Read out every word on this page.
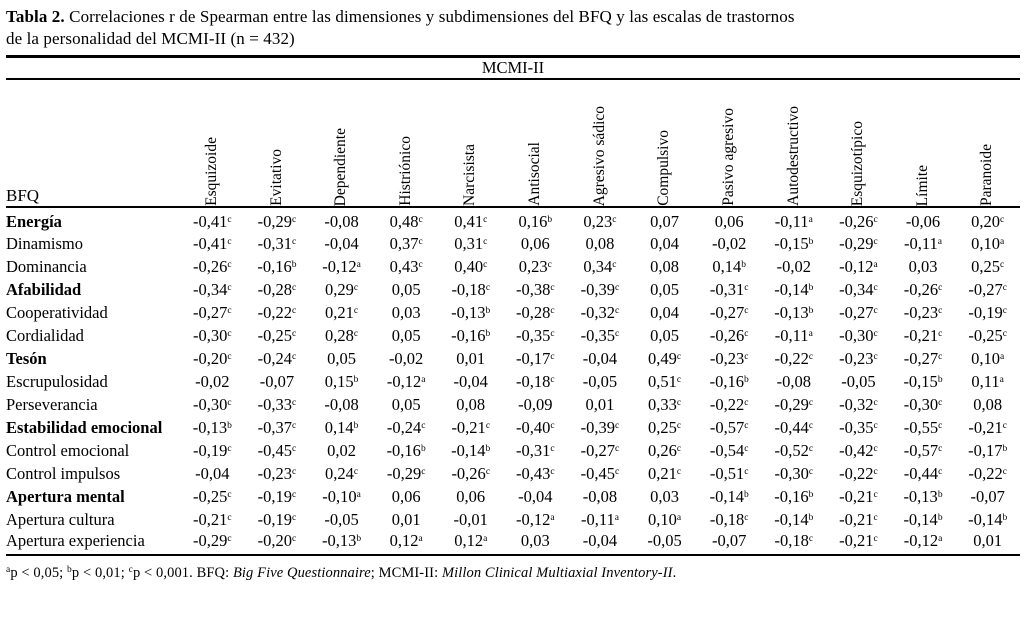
Tabla 2. Correlaciones r de Spearman entre las dimensiones y subdimensiones del BFQ y las escalas de trastornos
de la personalidad del MCMI-II (n = 432)
MCMI-II													
BFQ	Esquizoide	Evitativo	Dependiente	Histriónico	Narcisista	Antisocial	Agresivo sádico	Compulsivo	Pasivo agresivo	Autodestructivo	Esquizotípico	Límite	Paranoide

Energía	-0,41$^c$	-0,29$^c$	-0,08	0,48$^c$	0,41$^c$	0,16$^b$	0,23$^c$	0,07	0,06	-0,11$^a$	-0,26$^c$	-0,06	0,20$^c$
Dinamismo	-0,41$^c$	-0,31$^c$	-0,04	0,37$^c$	0,31$^c$	0,06	0,08	0,04	-0,02	-0,15$^b$	-0,29$^c$	-0,11$^a$	0,10$^a$
Dominancia	-0,26$^c$	-0,16$^b$	-0,12$^a$	0,43$^c$	0,40$^c$	0,23$^c$	0,34$^c$	0,08	0,14$^b$	-0,02	-0,12$^a$	0,03	0,25$^c$
Afabilidad	-0,34$^c$	-0,28$^c$	0,29$^c$	0,05	-0,18$^c$	-0,38$^c$	-0,39$^c$	0,05	-0,31$^c$	-0,14$^b$	-0,34$^c$	-0,26$^c$	-0,27$^c$
Cooperatividad	-0,27$^c$	-0,22$^c$	0,21$^c$	0,03	-0,13$^b$	-0,28$^c$	-0,32$^c$	0,04	-0,27$^c$	-0,13$^b$	-0,27$^c$	-0,23$^c$	-0,19$^c$
Cordialidad	-0,30$^c$	-0,25$^c$	0,28$^c$	0,05	-0,16$^b$	-0,35$^c$	-0,35$^c$	0,05	-0,26$^c$	-0,11$^a$	-0,30$^c$	-0,21$^c$	-0,25$^c$
Tesón	-0,20$^c$	-0,24$^c$	0,05	-0,02	0,01	-0,17$^c$	-0,04	0,49$^c$	-0,23$^c$	-0,22$^c$	-0,23$^c$	-0,27$^c$	0,10$^a$
Escrupulosidad	-0,02	-0,07	0,15$^b$	-0,12$^a$	-0,04	-0,18$^c$	-0,05	0,51$^c$	-0,16$^b$	-0,08	-0,05	-0,15$^b$	0,11$^a$
Perseverancia	-0,30$^c$	-0,33$^c$	-0,08	0,05	0,08	-0,09	0,01	0,33$^c$	-0,22$^c$	-0,29$^c$	-0,32$^c$	-0,30$^c$	0,08
Estabilidad emocional	-0,13$^b$	-0,37$^c$	0,14$^b$	-0,24$^c$	-0,21$^c$	-0,40$^c$	-0,39$^c$	0,25$^c$	-0,57$^c$	-0,44$^c$	-0,35$^c$	-0,55$^c$	-0,21$^c$
Control emocional	-0,19$^c$	-0,45$^c$	0,02	-0,16$^b$	-0,14$^b$	-0,31$^c$	-0,27$^c$	0,26$^c$	-0,54$^c$	-0,52$^c$	-0,42$^c$	-0,57$^c$	-0,17$^b$
Control impulsos	-0,04	-0,23$^c$	0,24$^c$	-0,29$^c$	-0,26$^c$	-0,43$^c$	-0,45$^c$	0,21$^c$	-0,51$^c$	-0,30$^c$	-0,22$^c$	-0,44$^c$	-0,22$^c$
Apertura mental	-0,25$^c$	-0,19$^c$	-0,10$^a$	0,06	0,06	-0,04	-0,08	0,03	-0,14$^b$	-0,16$^b$	-0,21$^c$	-0,13$^b$	-0,07
Apertura cultura	-0,21$^c$	-0,19$^c$	-0,05	0,01	-0,01	-0,12$^a$	-0,11$^a$	0,10$^a$	-0,18$^c$	-0,14$^b$	-0,21$^c$	-0,14$^b$	-0,14$^b$
Apertura experiencia	-0,29$^c$	-0,20$^c$	-0,13$^b$	0,12$^a$	0,12$^a$	0,03	-0,04	-0,05	-0,07	-0,18$^c$	-0,21$^c$	-0,12$^a$	0,01
$^a$p < 0,05; $^b$p < 0,01; $^c$p < 0,001. BFQ: Big Five Questionnaire; MCMI-II: Millon Clinical Multiaxial Inventory-II.
